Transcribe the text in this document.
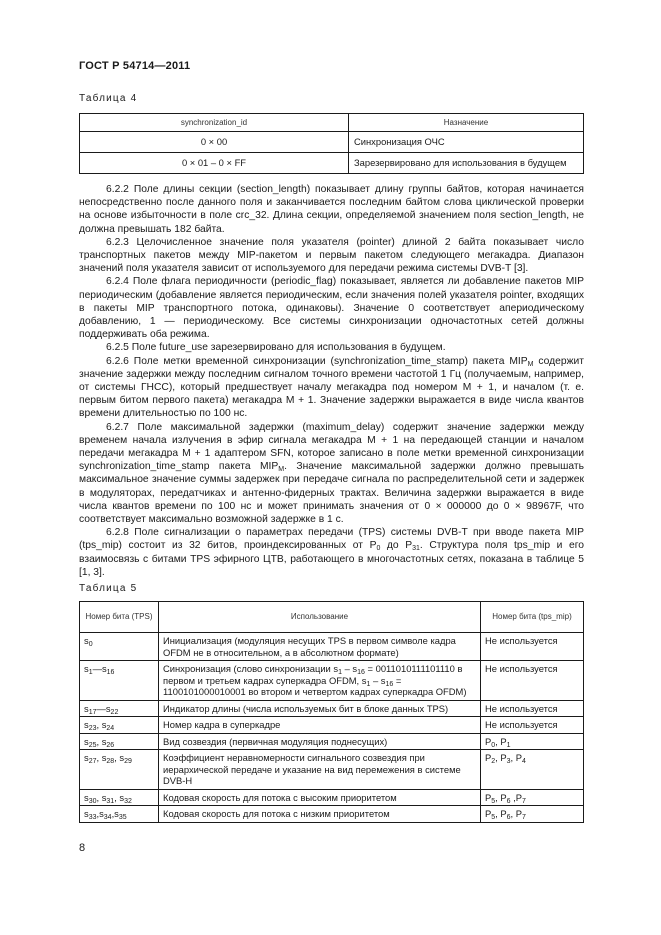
ГОСТ Р 54714—2011
Таблица 4
synchronization_id	Назначение
0 × 00	Синхронизация ОЧС
0 × 01 – 0 × FF	Зарезервировано для использования в будущем

6.2.2 Поле длины секции (section_length) показывает длину группы байтов, которая начинается непосредственно после данного поля и заканчивается последним байтом слова циклической проверки на основе избыточности в поле crc_32. Длина секции, определяемой значением поля section_length, не должна превышать 182 байта.

6.2.3 Целочисленное значение поля указателя (pointer) длиной 2 байта показывает число транспортных пакетов между MIP-пакетом и первым пакетом следующего мегакадра. Диапазон значений поля указателя зависит от используемого для передачи режима системы DVB-T [3].

6.2.4 Поле флага периодичности (periodic_flag) показывает, является ли добавление пакетов MIP периодическим (добавление является периодическим, если значения полей указателя pointer, входящих в пакеты MIP транспортного потока, одинаковы). Значение 0 соответствует апериодическому добавлению, 1 — периодическому. Все системы синхронизации одночастотных сетей должны поддерживать оба режима.

6.2.5 Поле future_use зарезервировано для использования в будущем.

6.2.6 Поле метки временной синхронизации (synchronization_time_stamp) пакета $MIP_M$ содержит значение задержки между последним сигналом точного времени частотой 1 Гц (получаемым, например, от системы ГНСС), который предшествует началу мегакадра под номером M + 1, и началом (т. е. первым битом первого пакета) мегакадра M + 1. Значение задержки выражается в виде числа квантов времени длительностью по 100 нс.

6.2.7 Поле максимальной задержки (maximum_delay) содержит значение задержки между временем начала излучения в эфир сигнала мегакадра M + 1 на передающей станции и началом передачи мегакадра M + 1 адаптером SFN, которое записано в поле метки временной синхронизации synchronization_time_stamp пакета $MIP_M$. Значение максимальной задержки должно превышать максимальное значение суммы задержек при передаче сигнала по распределительной сети и задержек в модуляторах, передатчиках и антенно-фидерных трактах. Величина задержки выражается в виде числа квантов времени по 100 нс и может принимать значения от 0 × 000000 до 0 × 98967F, что соответствует максимально возможной задержке в 1 с.

6.2.8 Поле сигнализации о параметрах передачи (TPS) системы DVB-T при вводе пакета MIP (tps_mip) состоит из 32 битов, проиндексированных от $P_0$ до $P_{31}$. Структура поля tps_mip и его взаимосвязь с битами TPS эфирного ЦТВ, работающего в многочастотных сетях, показана в таблице 5 [1, 3].

Таблица 5
Номер бита (TPS)	Использование	Номер бита (tps_mip)
$s_0$	Инициализация (модуляция несущих TPS в первом символе кадра OFDM не в относительном, а в абсолютном формате)	Не используется
$s_1—s_{16}$	Синхронизация (слово синхронизации $s_1 - s_{16} = 0011010111101110$ в первом и третьем кадрах суперкадра OFDM, $s_1 - s_{16} = 1100101000010001$ во втором и четвертом кадрах суперкадра OFDM)	Не используется
$s_{17}—s_{22}$	Индикатор длины (числа используемых бит в блоке данных TPS)	Не используется
$s_{23}$, $s_{24}$	Номер кадра в суперкадре	Не используется
$s_{25}$, $s_{26}$	Вид созвездия (первичная модуляция поднесущих)	$P_0$, $P_1$
$s_{27}$, $s_{28}$, $s_{29}$	Коэффициент неравномерности сигнального созвездия при иерархической передаче и указание на вид перемежения в системе DVB-H	$P_2$, $P_3$, $P_4$
$s_{30}$, $s_{31}$, $s_{32}$	Кодовая скорость для потока с высоким приоритетом	$P_5$, $P_6$ $,P_7$
$s_{33},s_{34},s_{35}$	Кодовая скорость для потока с низким приоритетом	$P_5$, $P_6$, $P_7$
8
